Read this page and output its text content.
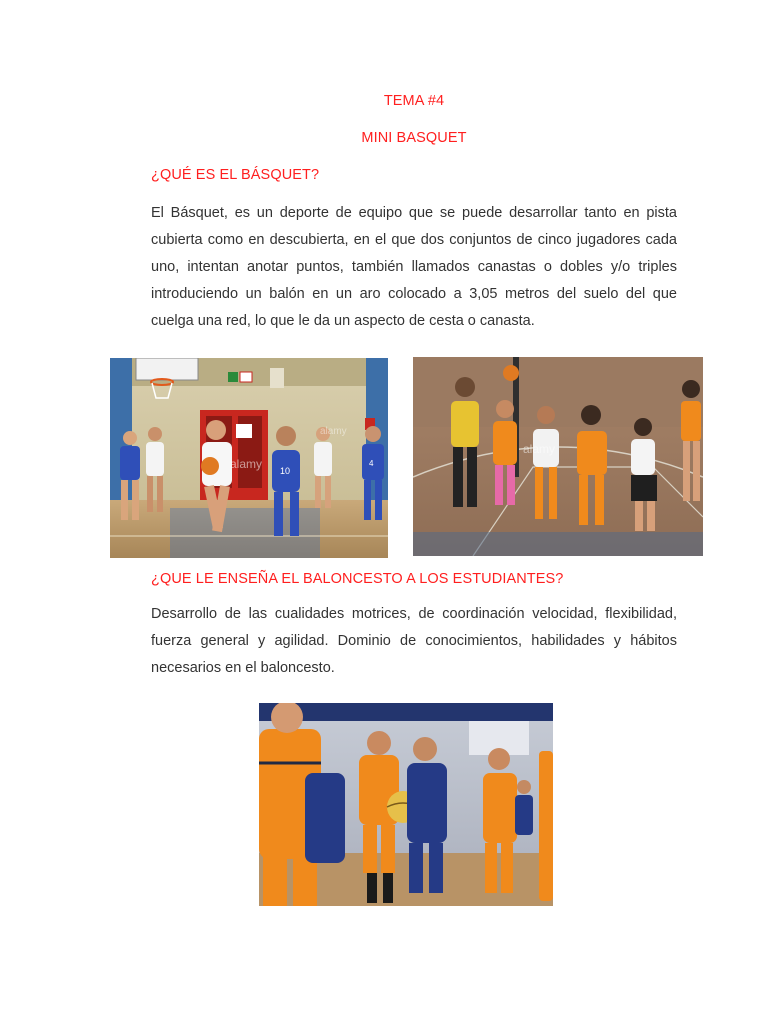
TEMA #4
MINI BASQUET
¿QUÉ ES EL BÁSQUET?

El Básquet, es un deporte de equipo que se puede desarrollar tanto en pista cubierta como en descubierta, en el que dos conjuntos de cinco jugadores cada uno, intentan anotar puntos, también llamados canastas o dobles y/o triples introduciendo un balón en un aro colocado a 3,05 metros del suelo del que cuelga una red, lo que le da un aspecto de cesta o canasta.

10
4
alamy
alamy
alamy
¿QUE LE ENSEÑA EL BALONCESTO A LOS ESTUDIANTES?

Desarrollo de las cualidades motrices, de coordinación velocidad, flexibilidad, fuerza general y agilidad. Dominio de conocimientos, habilidades y hábitos necesarios en el baloncesto.
